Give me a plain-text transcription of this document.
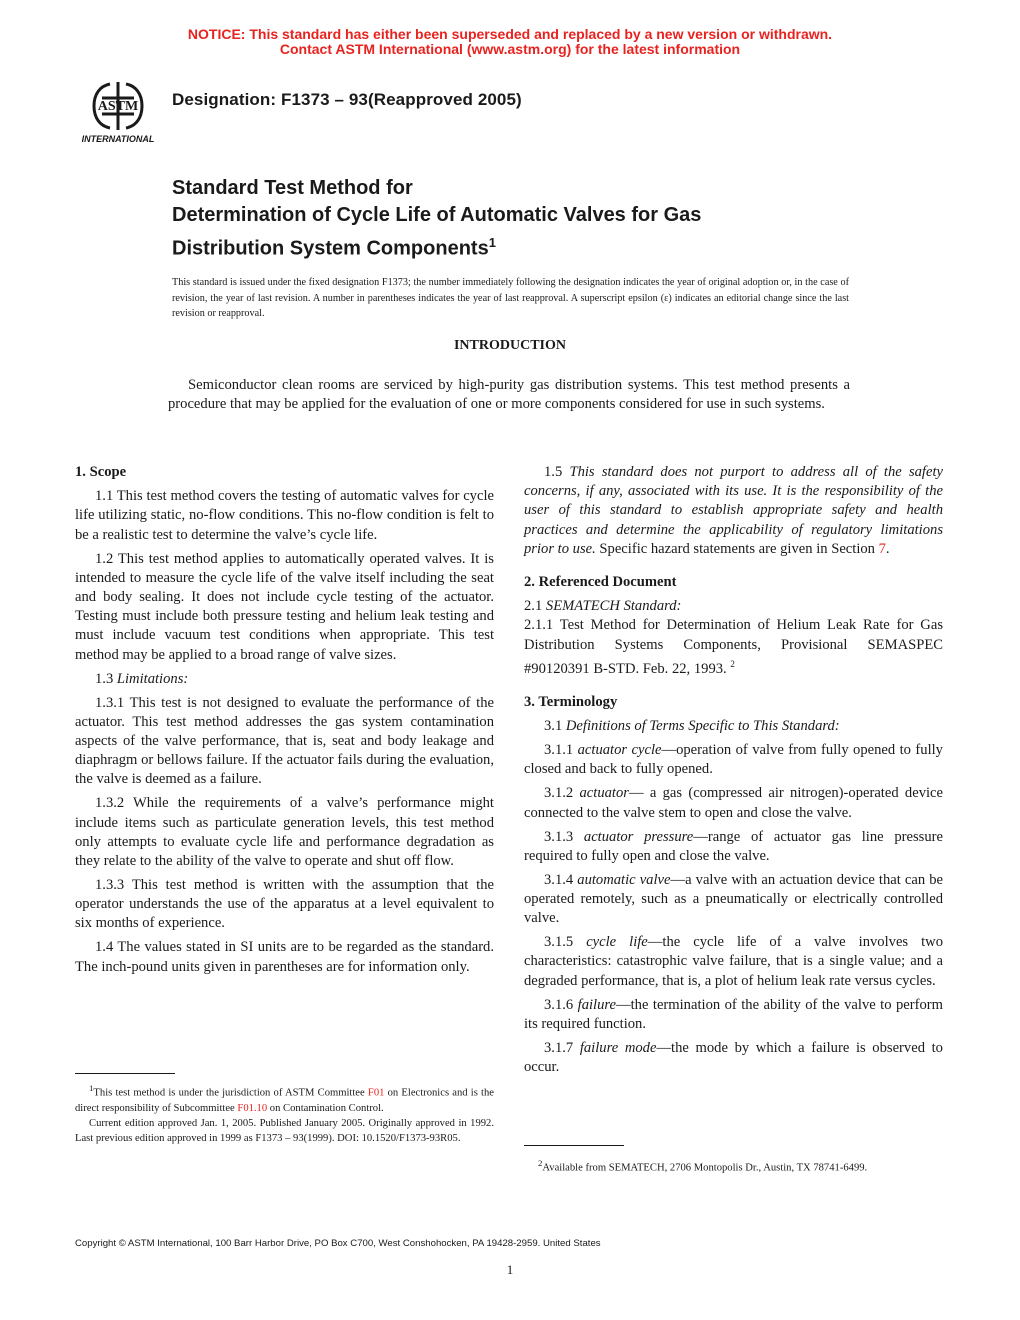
NOTICE: This standard has either been superseded and replaced by a new version or withdrawn.
Contact ASTM International (www.astm.org) for the latest information
ASTM
INTERNATIONAL
Designation: F1373 – 93(Reapproved 2005)
Standard Test Method for
Determination of Cycle Life of Automatic Valves for Gas
Distribution System Components$^1$
This standard is issued under the fixed designation F1373; the number immediately following the designation indicates the year of original adoption or, in the case of revision, the year of last revision. A number in parentheses indicates the year of last reapproval. A superscript epsilon (ε) indicates an editorial change since the last revision or reapproval.
INTRODUCTION

Semiconductor clean rooms are serviced by high-purity gas distribution systems. This test method presents a procedure that may be applied for the evaluation of one or more components considered for use in such systems.

1. Scope

1.1 This test method covers the testing of automatic valves for cycle life utilizing static, no-flow conditions. This no-flow condition is felt to be a realistic test to determine the valve’s cycle life.

1.2 This test method applies to automatically operated valves. It is intended to measure the cycle life of the valve itself including the seat and body sealing. It does not include cycle testing of the actuator. Testing must include both pressure testing and helium leak testing and must include vacuum test conditions when appropriate. This test method may be applied to a broad range of valve sizes.

1.3 Limitations:

1.3.1 This test is not designed to evaluate the performance of the actuator. This test method addresses the gas system contamination aspects of the valve performance, that is, seat and body leakage and diaphragm or bellows failure. If the actuator fails during the evaluation, the valve is deemed as a failure.

1.3.2 While the requirements of a valve’s performance might include items such as particulate generation levels, this test method only attempts to evaluate cycle life and performance degradation as they relate to the ability of the valve to operate and shut off flow.

1.3.3 This test method is written with the assumption that the operator understands the use of the apparatus at a level equivalent to six months of experience.

1.4 The values stated in SI units are to be regarded as the standard. The inch-pound units given in parentheses are for information only.

1.5 This standard does not purport to address all of the safety concerns, if any, associated with its use. It is the responsibility of the user of this standard to establish appropriate safety and health practices and determine the applicability of regulatory limitations prior to use. Specific hazard statements are given in Section 7.

2. Referenced Document

2.1 SEMATECH Standard:

2.1.1 Test Method for Determination of Helium Leak Rate for Gas Distribution Systems Components, Provisional SEMASPEC #90120391 B-STD. Feb. 22, 1993. $^2$

3. Terminology

3.1 Definitions of Terms Specific to This Standard:

3.1.1 actuator cycle—operation of valve from fully opened to fully closed and back to fully opened.

3.1.2 actuator— a gas (compressed air nitrogen)-operated device connected to the valve stem to open and close the valve.

3.1.3 actuator pressure—range of actuator gas line pressure required to fully open and close the valve.

3.1.4 automatic valve—a valve with an actuation device that can be operated remotely, such as a pneumatically or electrically controlled valve.

3.1.5 cycle life—the cycle life of a valve involves two characteristics: catastrophic valve failure, that is a single value; and a degraded performance, that is, a plot of helium leak rate versus cycles.

3.1.6 failure—the termination of the ability of the valve to perform its required function.

3.1.7 failure mode—the mode by which a failure is observed to occur.

$^1$This test method is under the jurisdiction of ASTM Committee F01 on Electronics and is the direct responsibility of Subcommittee F01.10 on Contamination Control.

Current edition approved Jan. 1, 2005. Published January 2005. Originally approved in 1992. Last previous edition approved in 1999 as F1373 – 93(1999). DOI: 10.1520/F1373-93R05.

$^2$Available from SEMATECH, 2706 Montopolis Dr., Austin, TX 78741-6499.

Copyright © ASTM International, 100 Barr Harbor Drive, PO Box C700, West Conshohocken, PA 19428-2959. United States
1
